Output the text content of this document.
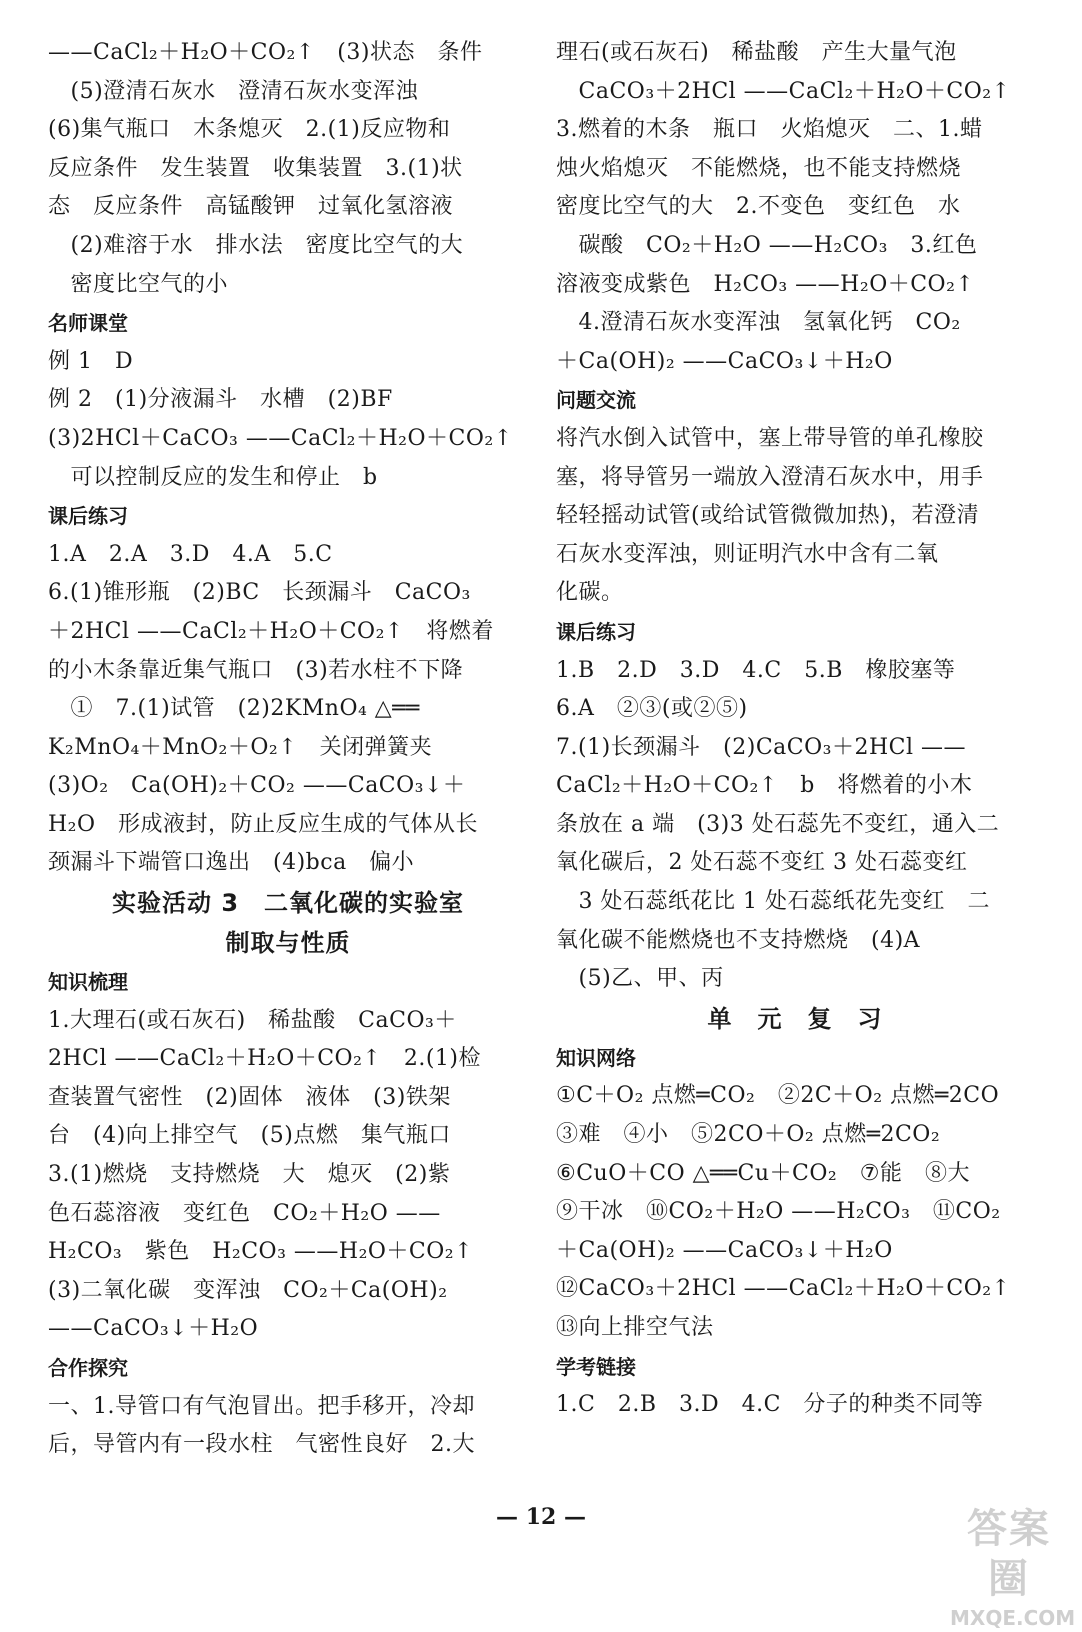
——CaCl₂＋H₂O＋CO₂↑　(3)状态　条件
　(5)澄清石灰水　澄清石灰水变浑浊
(6)集气瓶口　木条熄灭　2.(1)反应物和
反应条件　发生装置　收集装置　3.(1)状
态　反应条件　高锰酸钾　过氧化氢溶液
　(2)难溶于水　排水法　密度比空气的大
　密度比空气的小
名师课堂
例 1　D
例 2　(1)分液漏斗　水槽　(2)BF
(3)2HCl＋CaCO₃ ——CaCl₂＋H₂O＋CO₂↑
　可以控制反应的发生和停止　b
课后练习
1.A　2.A　3.D　4.A　5.C
6.(1)锥形瓶　(2)BC　长颈漏斗　CaCO₃
＋2HCl ——CaCl₂＋H₂O＋CO₂↑　将燃着
的小木条靠近集气瓶口　(3)若水柱不下降
　①　7.(1)试管　(2)2KMnO₄ △══
K₂MnO₄＋MnO₂＋O₂↑　关闭弹簧夹
(3)O₂　Ca(OH)₂＋CO₂ ——CaCO₃↓＋
H₂O　形成液封，防止反应生成的气体从长
颈漏斗下端管口逸出　(4)bca　偏小
实验活动 3　二氧化碳的实验室
制取与性质
知识梳理
1.大理石(或石灰石)　稀盐酸　CaCO₃＋
2HCl ——CaCl₂＋H₂O＋CO₂↑　2.(1)检
查装置气密性　(2)固体　液体　(3)铁架
台　(4)向上排空气　(5)点燃　集气瓶口
3.(1)燃烧　支持燃烧　大　熄灭　(2)紫
色石蕊溶液　变红色　CO₂＋H₂O ——
H₂CO₃　紫色　H₂CO₃ ——H₂O＋CO₂↑
(3)二氧化碳　变浑浊　CO₂＋Ca(OH)₂
——CaCO₃↓＋H₂O
合作探究
一、1.导管口有气泡冒出。把手移开，冷却
后，导管内有一段水柱　气密性良好　2.大
理石(或石灰石)　稀盐酸　产生大量气泡
　CaCO₃＋2HCl ——CaCl₂＋H₂O＋CO₂↑
3.燃着的木条　瓶口　火焰熄灭　二、1.蜡
烛火焰熄灭　不能燃烧，也不能支持燃烧
密度比空气的大　2.不变色　变红色　水
　碳酸　CO₂＋H₂O ——H₂CO₃　3.红色
溶液变成紫色　H₂CO₃ ——H₂O＋CO₂↑
　4.澄清石灰水变浑浊　氢氧化钙　CO₂
＋Ca(OH)₂ ——CaCO₃↓＋H₂O
问题交流
将汽水倒入试管中，塞上带导管的单孔橡胶
塞，将导管另一端放入澄清石灰水中，用手
轻轻摇动试管(或给试管微微加热)，若澄清
石灰水变浑浊，则证明汽水中含有二氧
化碳。
课后练习
1.B　2.D　3.D　4.C　5.B　橡胶塞等
6.A　②③(或②⑤)
7.(1)长颈漏斗　(2)CaCO₃＋2HCl ——
CaCl₂＋H₂O＋CO₂↑　b　将燃着的小木
条放在 a 端　(3)3 处石蕊先不变红，通入二
氧化碳后，2 处石蕊不变红 3 处石蕊变红
　3 处石蕊纸花比 1 处石蕊纸花先变红　二
氧化碳不能燃烧也不支持燃烧　(4)A
　(5)乙、甲、丙
单　元　复　习
知识网络
①C＋O₂ 点燃═CO₂　②2C＋O₂ 点燃═2CO
③难　④小　⑤2CO＋O₂ 点燃═2CO₂
⑥CuO＋CO △══Cu＋CO₂　⑦能　⑧大
⑨干冰　⑩CO₂＋H₂O ——H₂CO₃　⑪CO₂
＋Ca(OH)₂ ——CaCO₃↓＋H₂O
⑫CaCO₃＋2HCl ——CaCl₂＋H₂O＋CO₂↑
⑬向上排空气法
学考链接
1.C　2.B　3.D　4.C　分子的种类不同等
— 12 —	答案圈
MXQE.COM
